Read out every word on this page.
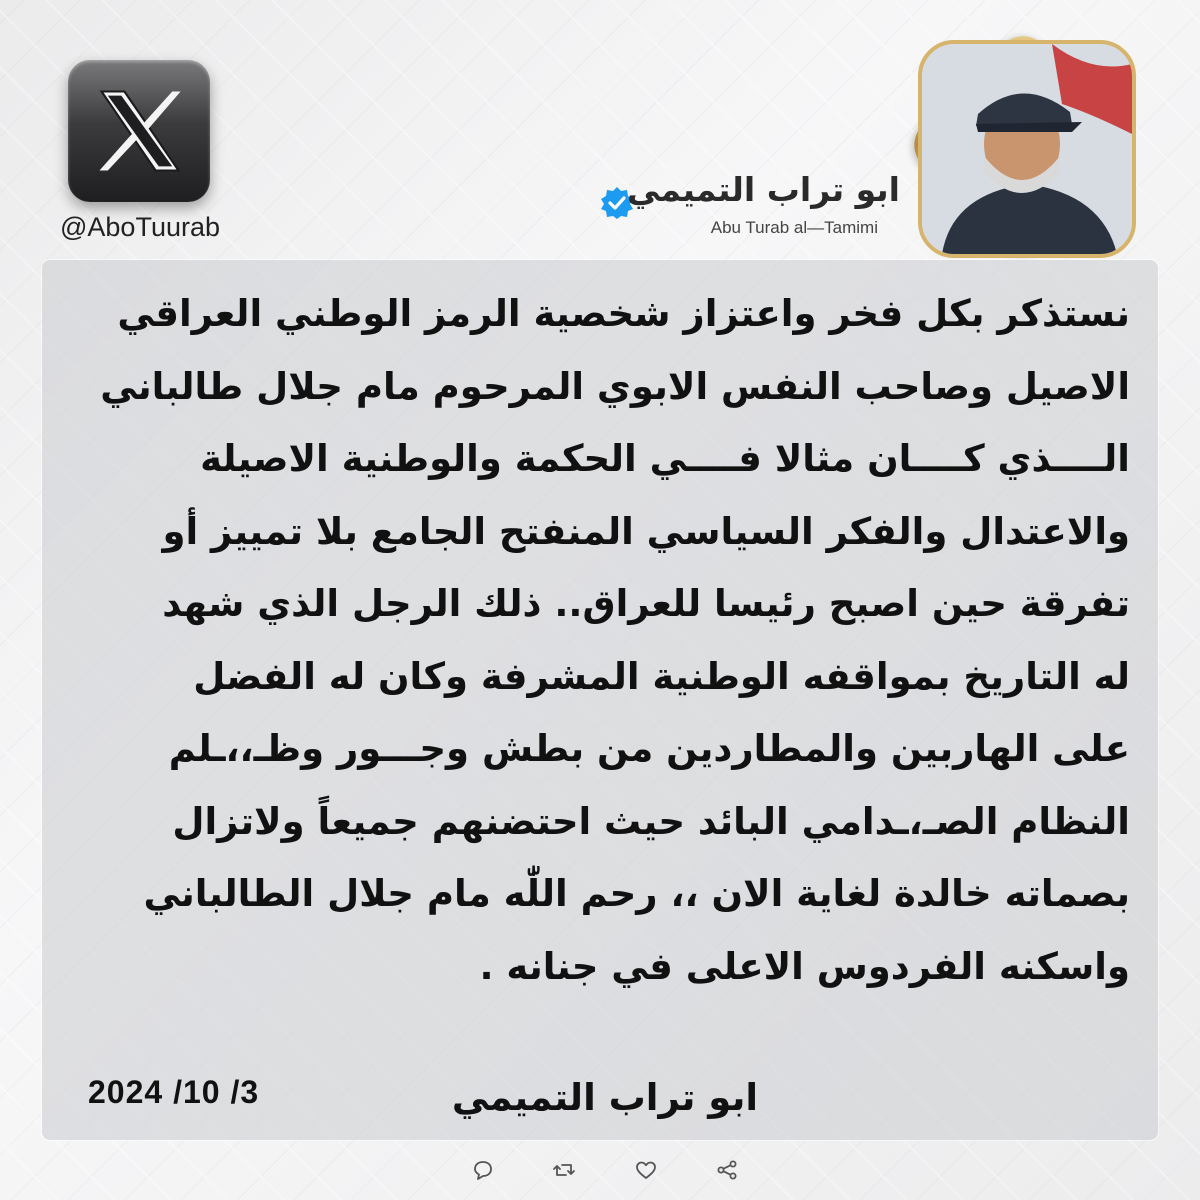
@AboTuurab
ابو تراب التميمي
Abu Turab al—Tamimi
نستذكر بكل فخر واعتزاز شخصية الرمز الوطني العراقي
الاصيل وصاحب النفس الابوي المرحوم مام جلال طالباني
الــــذي كــــان مثالا فــــي الحكمة والوطنية الاصيلة
والاعتدال والفكر السياسي المنفتح الجامع بلا تمييز أو
تفرقة حين اصبح رئيسا للعراق.. ذلك الرجل الذي شهد
له التاريخ بمواقفه الوطنية المشرفة وكان له الفضل
على الهاربين والمطاردين من بطش وجـــور وظـ،،ـلم
النظام الصـ،ـدامي البائد حيث احتضنهم جميعاً ولاتزال
بصماته خالدة لغاية الان ،، رحم اللّٰه مام جلال الطالباني
واسكنه الفردوس الاعلى في جنانه .
ابو تراب التميمي
2024 /10 /3
